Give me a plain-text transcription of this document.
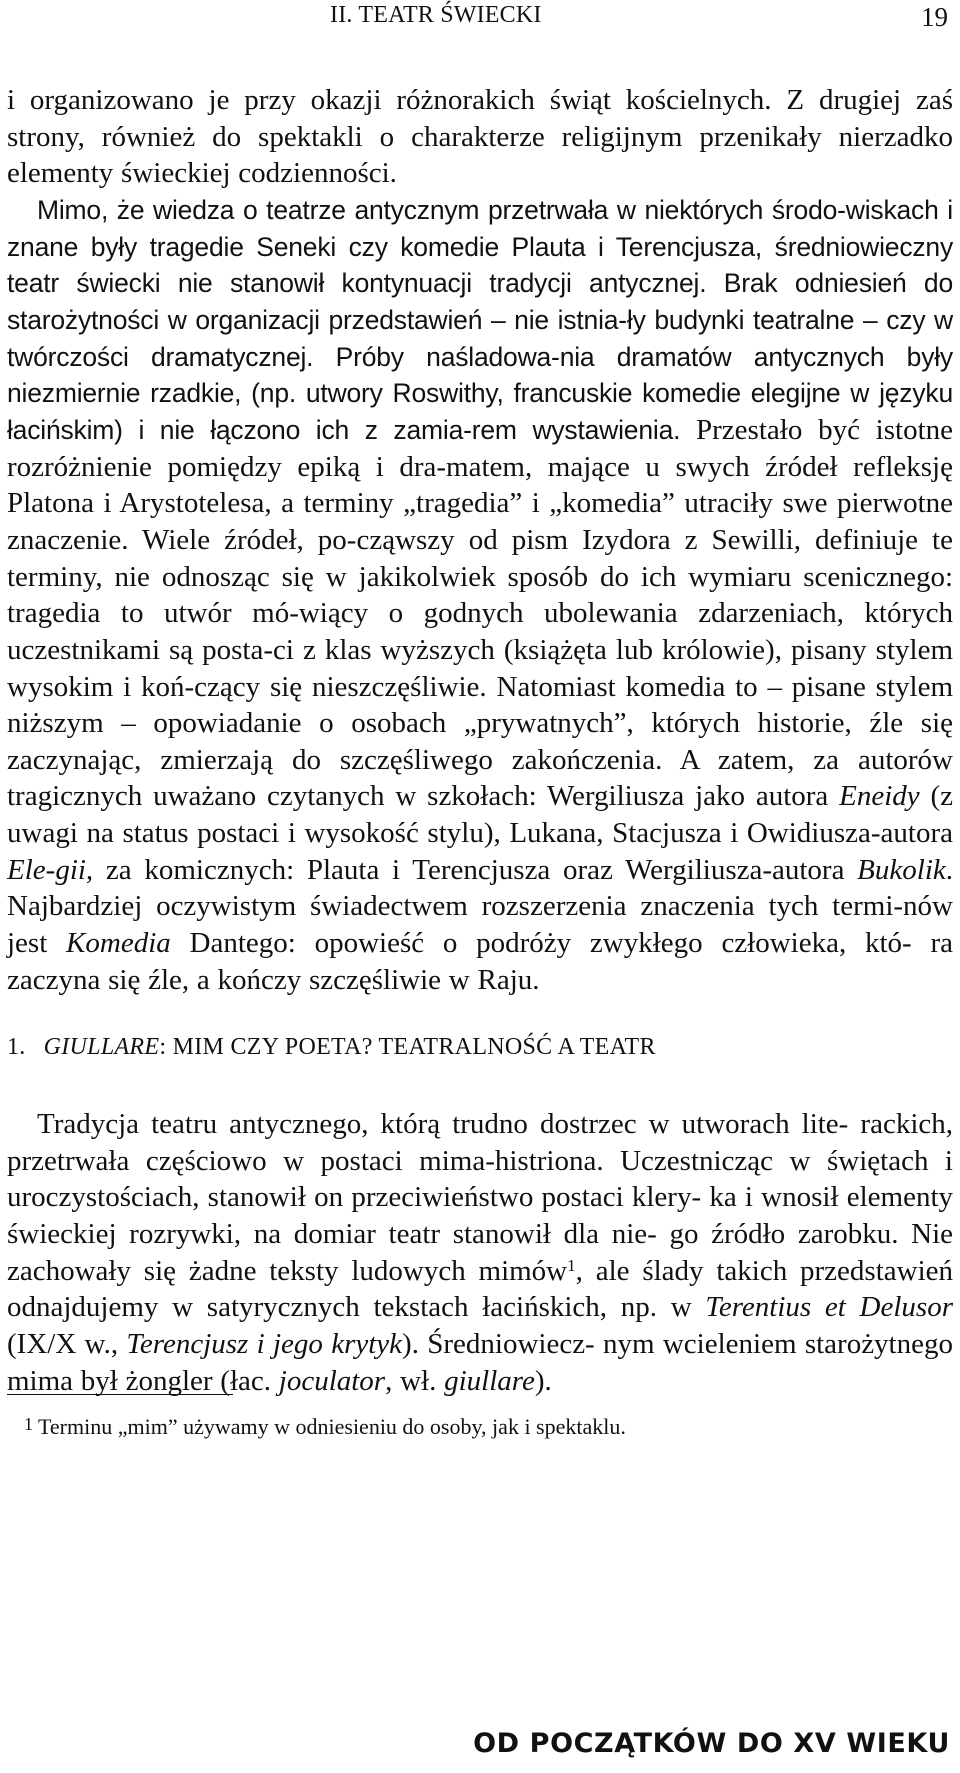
II. TEATR ŚWIECKI	19

i organizowano je przy okazji różnorakich świąt kościelnych. Z drugiej zaś strony, również do spektakli o charakterze religijnym przenikały nierzadko elementy świeckiej codzienności.

Mimo, że wiedza o teatrze antycznym przetrwała w niektórych środo-wiskach i znane były tragedie Seneki czy komedie Plauta i Terencjusza, średniowieczny teatr świecki nie stanowił kontynuacji tradycji antycznej. Brak odniesień do starożytności w organizacji przedstawień – nie istnia-ły budynki teatralne – czy w twórczości dramatycznej. Próby naśladowa-nia dramatów antycznych były niezmiernie rzadkie, (np. utwory Roswithy, francuskie komedie elegijne w języku łacińskim) i nie łączono ich z zamia-rem wystawienia. Przestało być istotne rozróżnienie pomiędzy epiką i dra-matem, mające u swych źródeł refleksję Platona i Arystotelesa, a terminy „tragedia” i „komedia” utraciły swe pierwotne znaczenie. Wiele źródeł, po-cząwszy od pism Izydora z Sewilli, definiuje te terminy, nie odnosząc się w jakikolwiek sposób do ich wymiaru scenicznego: tragedia to utwór mó-wiący o godnych ubolewania zdarzeniach, których uczestnikami są posta-ci z klas wyższych (książęta lub królowie), pisany stylem wysokim i koń-czący się nieszczęśliwie. Natomiast komedia to – pisane stylem niższym – opowiadanie o osobach „prywatnych”, których historie, źle się zaczynając, zmierzają do szczęśliwego zakończenia. A zatem, za autorów tragicznych uważano czytanych w szkołach: Wergiliusza jako autora Eneidy (z uwagi na status postaci i wysokość stylu), Lukana, Stacjusza i Owidiusza-autora Ele-gii, za komicznych: Plauta i Terencjusza oraz Wergiliusza-autora Bukolik. Najbardziej oczywistym świadectwem rozszerzenia znaczenia tych termi-nów jest Komedia Dantego: opowieść o podróży zwykłego człowieka, któ- ra zaczyna się źle, a kończy szczęśliwie w Raju.

1. GIULLARE: MIM CZY POETA? TEATRALNOŚĆ A TEATR

Tradycja teatru antycznego, którą trudno dostrzec w utworach lite- rackich, przetrwała częściowo w postaci mima-histriona. Uczestnicząc w świętach i uroczystościach, stanowił on przeciwieństwo postaci klery- ka i wnosił elementy świeckiej rozrywki, na domiar teatr stanowił dla nie- go źródło zarobku. Nie zachowały się żadne teksty ludowych mimów$^1$, ale ślady takich przedstawień odnajdujemy w satyrycznych tekstach łacińskich, np. w Terentius et Delusor (IX/X w., Terencjusz i jego krytyk). Średniowiecz- nym wcieleniem starożytnego mima był żongler (łac. joculator, wł. giullare).

1 Terminu „mim” używamy w odniesieniu do osoby, jak i spektaklu.
OD POCZĄTKÓW DO XV WIEKU
